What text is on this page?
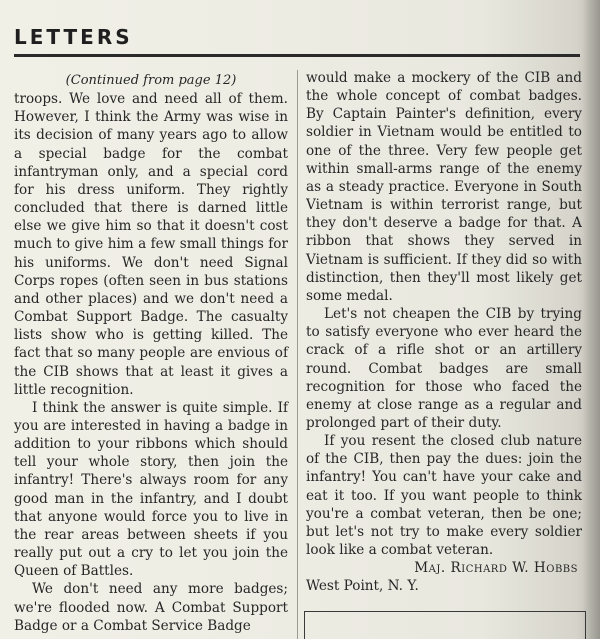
LETTERS

(Continued from page 12)

troops. We love and need all of them. However, I think the Army was wise in its decision of many years ago to allow a special badge for the combat infantryman only, and a special cord for his dress uniform. They rightly concluded that there is darned little else we give him so that it doesn't cost much to give him a few small things for his uniforms. We don't need Signal Corps ropes (often seen in bus stations and other places) and we don't need a Combat Support Badge. The casualty lists show who is getting killed. The fact that so many people are envious of the CIB shows that at least it gives a little recognition.

I think the answer is quite simple. If you are interested in having a badge in addition to your ribbons which should tell your whole story, then join the infantry! There's always room for any good man in the infantry, and I doubt that anyone would force you to live in the rear areas between sheets if you really put out a cry to let you join the Queen of Battles.

We don't need any more badges; we're flooded now. A Combat Support Badge or a Combat Service Badge

would make a mockery of the CIB and the whole concept of combat badges. By Captain Painter's definition, every soldier in Vietnam would be entitled to one of the three. Very few people get within small-arms range of the enemy as a steady practice. Everyone in South Vietnam is within terrorist range, but they don't deserve a badge for that. A ribbon that shows they served in Vietnam is sufficient. If they did so with distinction, then they'll most likely get some medal.

Let's not cheapen the CIB by trying to satisfy everyone who ever heard the crack of a rifle shot or an artillery round. Combat badges are small recognition for those who faced the enemy at close range as a regular and prolonged part of their duty.

If you resent the closed club nature of the CIB, then pay the dues: join the infantry! You can't have your cake and eat it too. If you want people to think you're a combat veteran, then be one; but let's not try to make every soldier look like a combat veteran.

Maj. Richard W. Hobbs

West Point, N. Y.
